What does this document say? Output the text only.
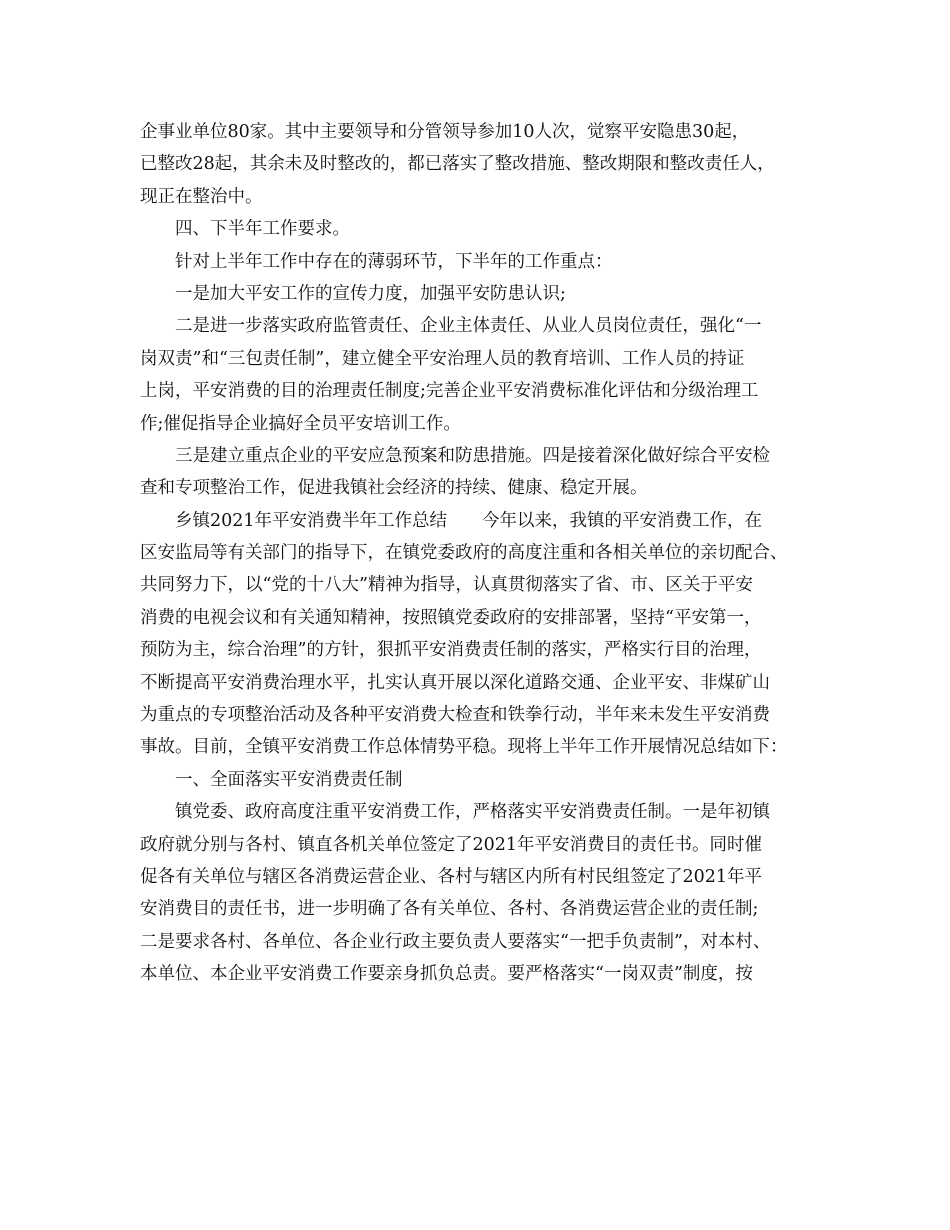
企事业单位80家。其中主要领导和分管领导参加10人次，觉察平安隐患30起，
已整改28起，其余未及时整改的，都已落实了整改措施、整改期限和整改责任人，
现正在整治中。
四、下半年工作要求。
针对上半年工作中存在的薄弱环节，下半年的工作重点：
一是加大平安工作的宣传力度，加强平安防患认识;
二是进一步落实政府监管责任、企业主体责任、从业人员岗位责任，强化“一
岗双责”和“三包责任制”，建立健全平安治理人员的教育培训、工作人员的持证
上岗，平安消费的目的治理责任制度;完善企业平安消费标准化评估和分级治理工
作;催促指导企业搞好全员平安培训工作。
三是建立重点企业的平安应急预案和防患措施。四是接着深化做好综合平安检
查和专项整治工作，促进我镇社会经济的持续、健康、稳定开展。
乡镇2021年平安消费半年工作总结　　今年以来，我镇的平安消费工作，在
区安监局等有关部门的指导下，在镇党委政府的高度注重和各相关单位的亲切配合、
共同努力下，以“党的十八大”精神为指导，认真贯彻落实了省、市、区关于平安
消费的电视会议和有关通知精神，按照镇党委政府的安排部署，坚持“平安第一，
预防为主，综合治理”的方针，狠抓平安消费责任制的落实，严格实行目的治理，
不断提高平安消费治理水平，扎实认真开展以深化道路交通、企业平安、非煤矿山
为重点的专项整治活动及各种平安消费大检查和铁拳行动，半年来未发生平安消费
事故。目前，全镇平安消费工作总体情势平稳。现将上半年工作开展情况总结如下：
一、全面落实平安消费责任制
镇党委、政府高度注重平安消费工作，严格落实平安消费责任制。一是年初镇
政府就分别与各村、镇直各机关单位签定了2021年平安消费目的责任书。同时催
促各有关单位与辖区各消费运营企业、各村与辖区内所有村民组签定了2021年平
安消费目的责任书，进一步明确了各有关单位、各村、各消费运营企业的责任制;
二是要求各村、各单位、各企业行政主要负责人要落实“一把手负责制”，对本村、
本单位、本企业平安消费工作要亲身抓负总责。要严格落实“一岗双责”制度，按
